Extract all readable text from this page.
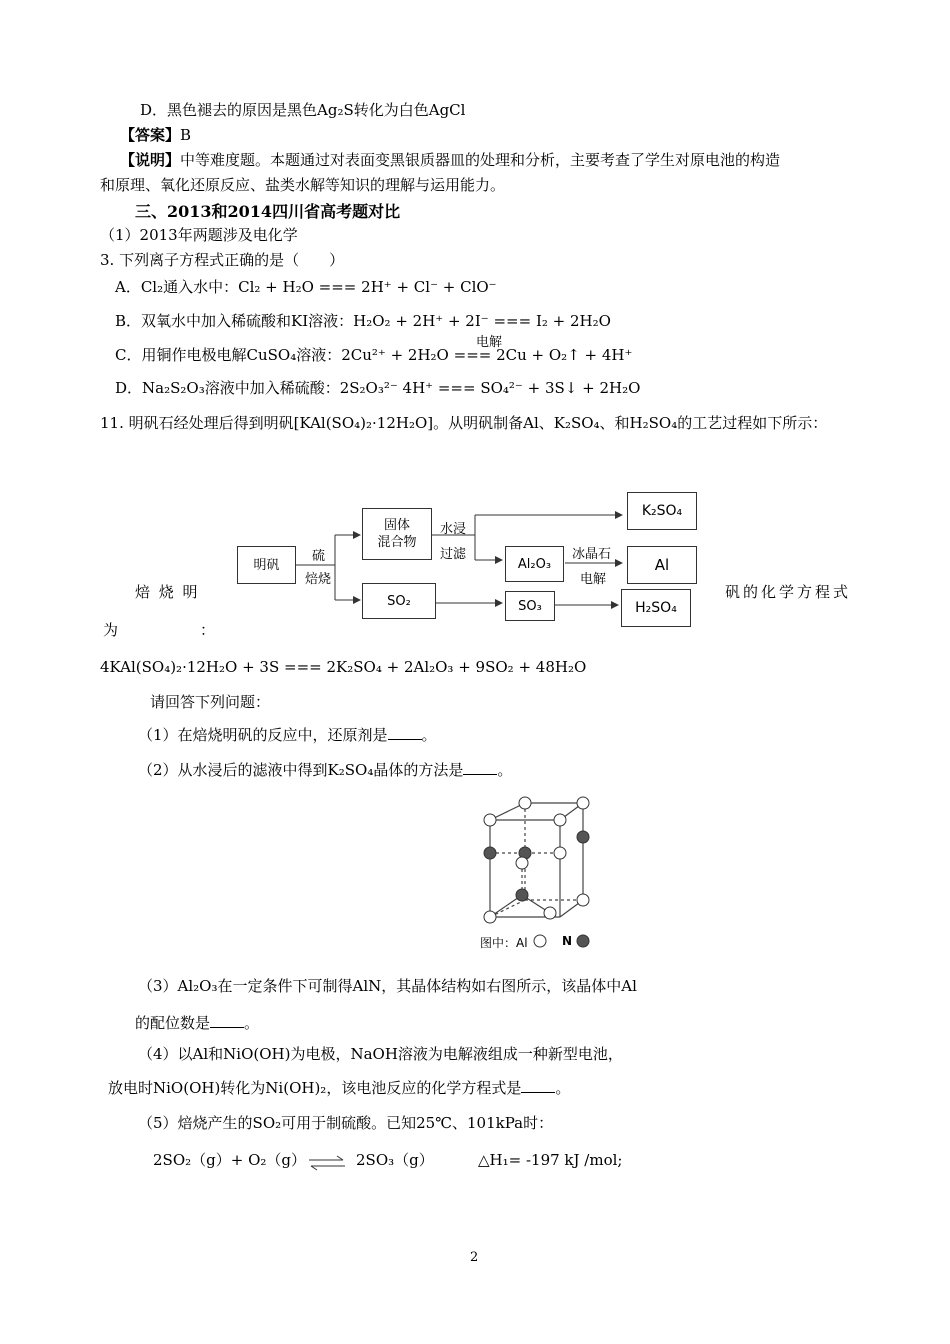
D．黑色褪去的原因是黑色Ag₂S转化为白色AgCl
【答案】B
【说明】中等难度题。本题通过对表面变黑银质器皿的处理和分析，主要考查了学生对原电池的构造
和原理、氧化还原反应、盐类水解等知识的理解与运用能力。
三、2013和2014四川省高考题对比
（1）2013年两题涉及电化学
3. 下列离子方程式正确的是（　　）
A．Cl₂通入水中：Cl₂ + H₂O === 2H⁺ + Cl⁻ + ClO⁻
B．双氧水中加入稀硫酸和KI溶液：H₂O₂ + 2H⁺ + 2I⁻ === I₂ + 2H₂O
电解
C．用铜作电极电解CuSO₄溶液：2Cu²⁺ + 2H₂O === 2Cu + O₂↑ + 4H⁺
D．Na₂S₂O₃溶液中加入稀硫酸：2S₂O₃²⁻ 4H⁺ === SO₄²⁻ + 3S↓ + 2H₂O
11. 明矾石经处理后得到明矾[KAl(SO₄)₂·12H₂O]。从明矾制备Al、K₂SO₄、和H₂SO₄的工艺过程如下所示：
明矾
硫
焙烧
固体
混合物
水浸
过滤
K₂SO₄
Al₂O₃
冰晶石
电解
Al
SO₂	SO₃	H₂SO₄
焙 烧 明	矾的化学方程式
为	：
4KAl(SO₄)₂·12H₂O + 3S === 2K₂SO₄ + 2Al₂O₃ + 9SO₂ + 48H₂O
请回答下列问题：
（1）在焙烧明矾的反应中，还原剂是 。
（2）从水浸后的滤液中得到K₂SO₄晶体的方法是 。
图中：Al	N
（3）Al₂O₃在一定条件下可制得AlN，其晶体结构如右图所示，该晶体中Al
的配位数是 。
（4）以Al和NiO(OH)为电极，NaOH溶液为电解液组成一种新型电池，
放电时NiO(OH)转化为Ni(OH)₂，该电池反应的化学方程式是 。
（5）焙烧产生的SO₂可用于制硫酸。已知25℃、101kPa时：
2SO₂（g）+ O₂（g） ⇌ 2SO₃（g）	△H₁= -197 kJ /mol;
2
